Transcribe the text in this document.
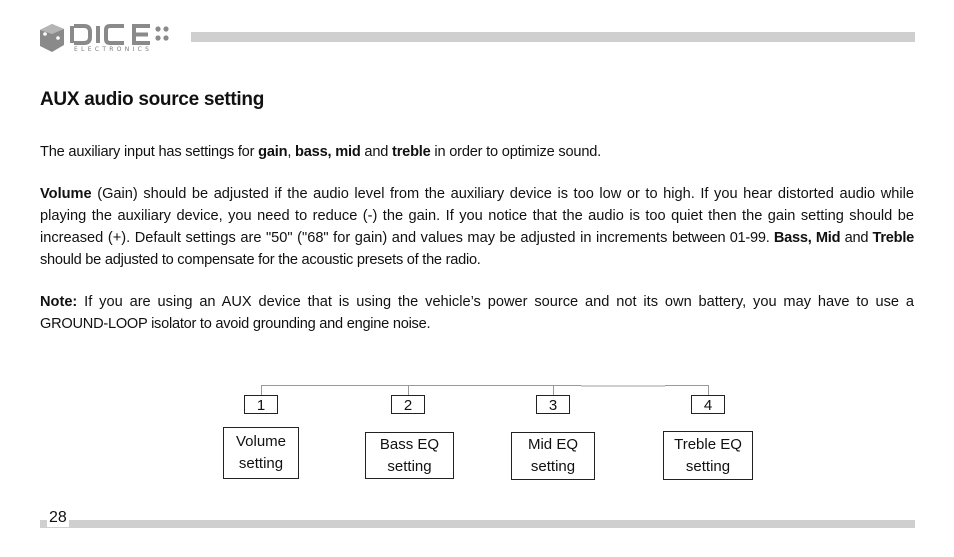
ELECTRONICS
AUX audio source setting

The auxiliary input has settings for gain, bass, mid and treble in order to optimize sound.

Volume (Gain) should be adjusted if the audio level from the auxiliary device is too low or to high. If you hear distorted audio while playing the auxiliary device, you need to reduce (-) the gain. If you notice that the audio is too quiet then the gain setting should be increased (+). Default settings are "50" ("68" for gain) and values may be adjusted in increments between 01-99. Bass, Mid and Treble should be adjusted to compensate for the acoustic presets of the radio.

Note: If you are using an AUX device that is using the vehicle’s power source and not its own battery, you may have to use a GROUND-LOOP isolator to avoid grounding and engine noise.

1	2	3	4
Volume
setting
Bass EQ
setting
Mid EQ
setting
Treble EQ
setting
28
